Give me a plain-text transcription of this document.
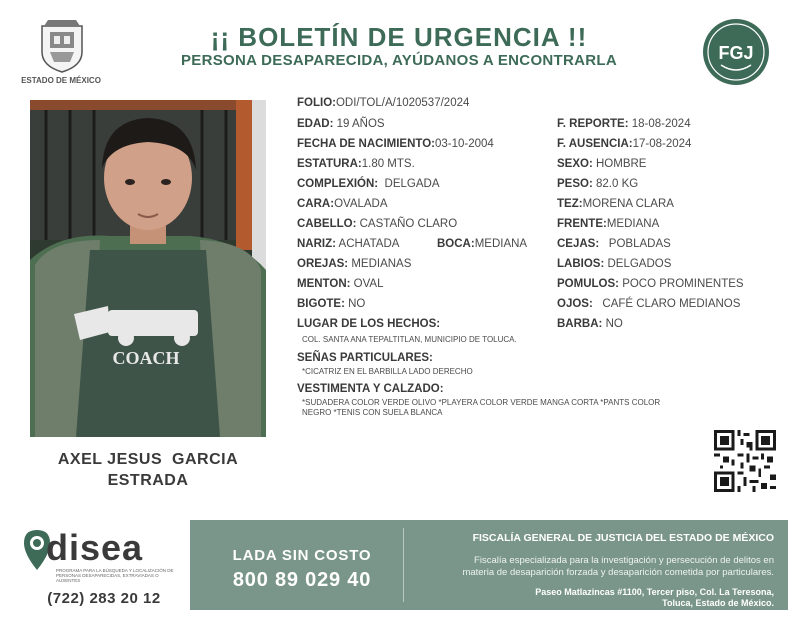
ESTADO DE MÉXICO
¡¡ BOLETÍN DE URGENCIA !!
PERSONA DESAPARECIDA, AYÚDANOS A ENCONTRARLA	FGJ
COACH
AXEL JESUS  GARCIA
ESTRADA
FOLIO:ODI/TOL/A/1020537/2024
EDAD: 19 AÑOS	F. REPORTE: 18-08-2024
FECHA DE NACIMIENTO:03-10-2004	F. AUSENCIA:17-08-2024
ESTATURA:1.80 MTS.	SEXO: HOMBRE
COMPLEXIÓN: DELGADA	PESO: 82.0 KG
CARA:OVALADA	TEZ:MORENA CLARA
CABELLO: CASTAÑO CLARO	FRENTE:MEDIANA
NARIZ: ACHATADA	BOCA:MEDIANA	CEJAS: POBLADAS
OREJAS: MEDIANAS	LABIOS: DELGADOS
MENTON: OVAL	POMULOS: POCO PROMINENTES
BIGOTE: NO	OJOS: CAFÉ CLARO MEDIANOS
LUGAR DE LOS HECHOS:	BARBA: NO
COL. SANTA ANA TEPALTITLAN, MUNICIPIO DE TOLUCA.
SEÑAS PARTICULARES:
*CICATRIZ EN EL BARBILLA LADO DERECHO
VESTIMENTA Y CALZADO:
*SUDADERA COLOR VERDE OLIVO *PLAYERA COLOR VERDE MANGA CORTA *PANTS COLOR
NEGRO *TENIS CON SUELA BLANCA
disea
PROGRAMA PARA LA BÚSQUEDA Y LOCALIZACIÓN DE PERSONAS DESAPARECIDAS, EXTRAVIADAS O AUSENTES
(722) 283 20 12
LADA SIN COSTO
800 89 029 40
FISCALÍA GENERAL DE JUSTICIA DEL ESTADO DE MÉXICO
Fiscalía especializada para la investigación y persecución de delitos en
materia de desaparición forzada y desaparición cometida por particulares.
Paseo Matlazincas #1100, Tercer piso, Col. La Teresona,
Toluca, Estado de México.
